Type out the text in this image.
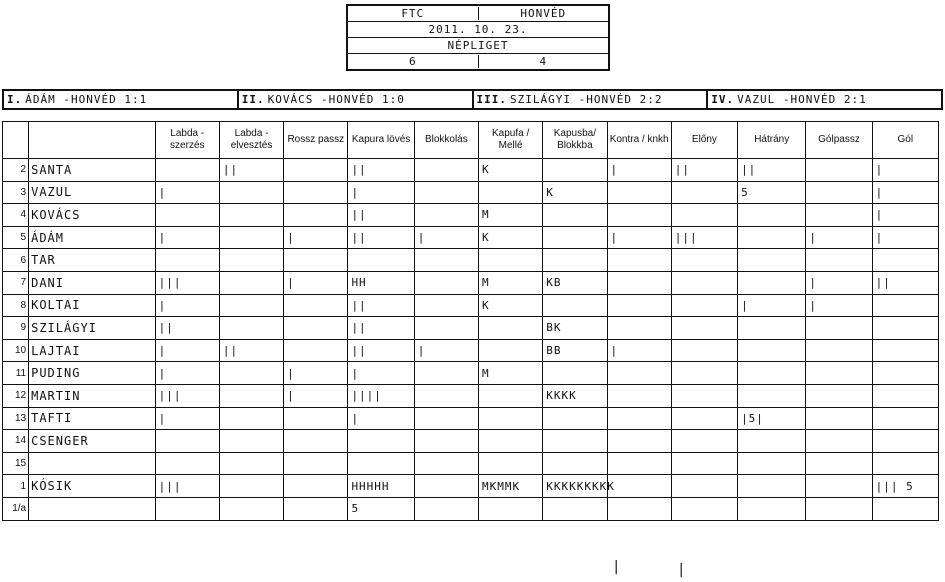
FTC	HONVÉD
2011. 10. 23.
NÉPLIGET
6	4
I. ÁDÁM -HONVÉD 1:1	II. KOVÁCS -HONVÉD 1:0	III. SZILÁGYI -HONVÉD 2:2	IV. VAZUL -HONVÉD 2:1
		Labda - szerzés	Labda - elvesztés	Rossz passz	Kapura lövés	Blokkolás	Kapufa / Mellé	Kapusba/ Blokkba	Kontra / knkh	Előny	Hátrány	Gólpassz	Gól
2	SANTA		||		||		K		|	||	||		|
3	VAZUL	|			|			K			5		|
4	KOVÁCS				||		M						|
5	ÁDÁM	|		|	||	|	K		|	|||		|	|
6	TAR												
7	DANI	|||		|	HH		M	KB				|	||
8	KOLTAI	|			||		K				|	|	
9	SZILÁGYI	||			||			BK					
10	LAJTAI	|	||		||	|		BB	|				
11	PUDING	|		|	|		M						
12	MARTIN	|||		|	||||			KKKK					
13	TAFTI	|			|						|5|		
14	CSENGER												
15													
1	KÓSIK	|||			HHHHH		MKMMK	KKKKKKKKK					||| 5
1/a					5								
|	|
